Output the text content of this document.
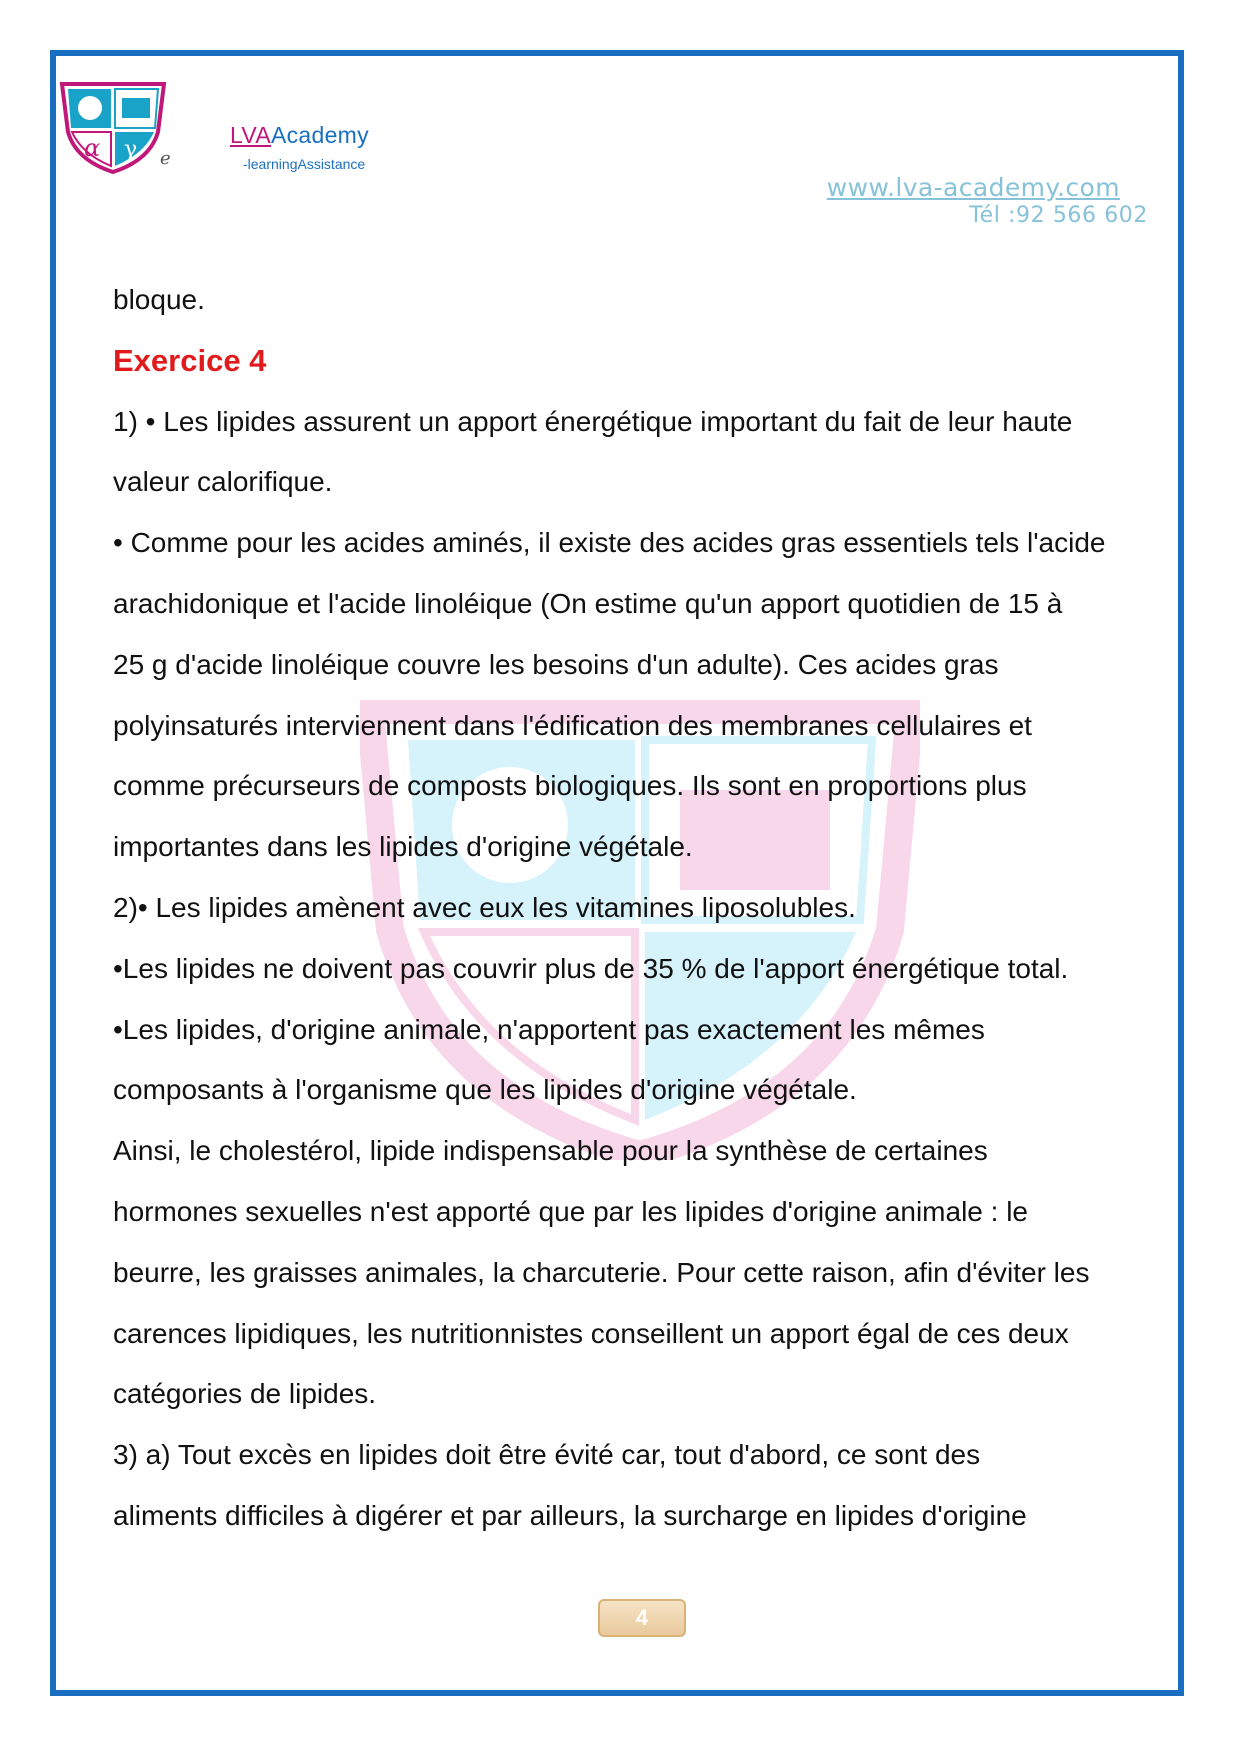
α γ e
LVAAcademy
-learningAssistance
www.lva-academy.com
Tél :92 566 602

bloque.

Exercice 4

1) • Les lipides assurent un apport énergétique important du fait de leur haute

valeur calorifique.

• Comme pour les acides aminés, il existe des acides gras essentiels tels l'acide

arachidonique et l'acide linoléique (On estime qu'un apport quotidien de 15 à

25 g d'acide linoléique couvre les besoins d'un adulte). Ces acides gras

polyinsaturés interviennent dans l'édification des membranes cellulaires et

comme précurseurs de composts biologiques. Ils sont en proportions plus

importantes dans les lipides d'origine végétale.

2)• Les lipides amènent avec eux les vitamines liposolubles.

•Les lipides ne doivent pas couvrir plus de 35 % de l'apport énergétique total.

•Les lipides, d'origine animale, n'apportent pas exactement les mêmes

composants à l'organisme que les lipides d'origine végétale.

Ainsi, le cholestérol, lipide indispensable pour la synthèse de certaines

hormones sexuelles n'est apporté que par les lipides d'origine animale : le

beurre, les graisses animales, la charcuterie. Pour cette raison, afin d'éviter les

carences lipidiques, les nutritionnistes conseillent un apport égal de ces deux

catégories de lipides.

3) a) Tout excès en lipides doit être évité car, tout d'abord, ce sont des

aliments difficiles à digérer et par ailleurs, la surcharge en lipides d'origine

4
